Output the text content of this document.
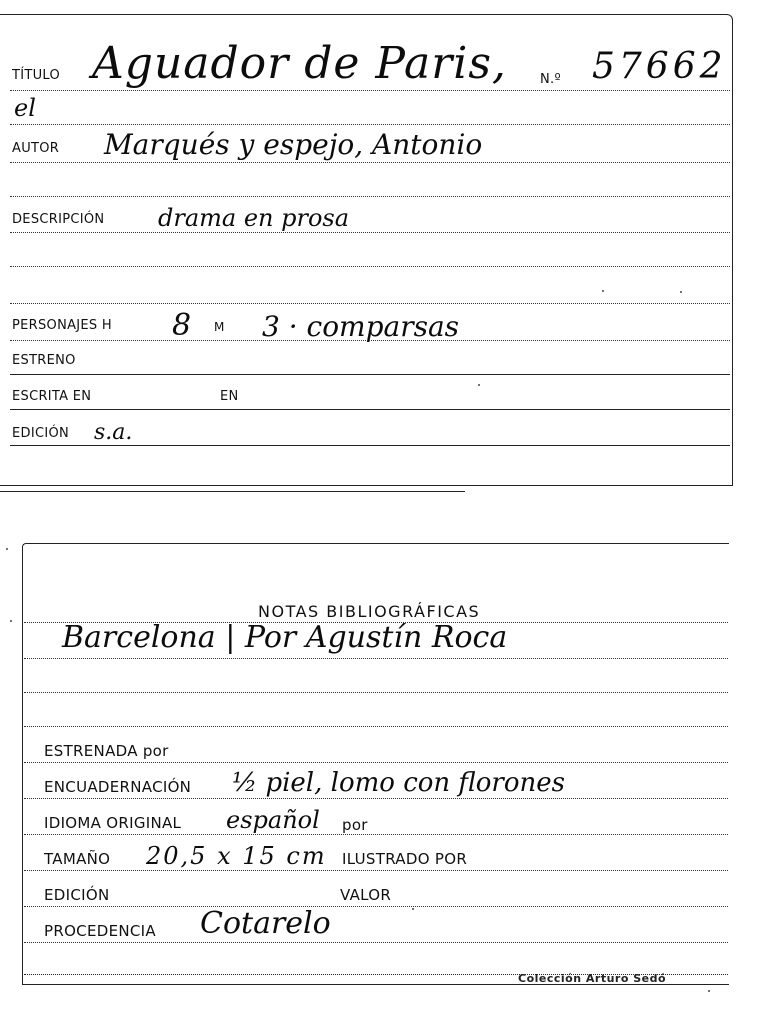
TÍTULO Aguador de Paris,	N.º 57662
el
AUTOR Marqués y espejo, Antonio
DESCRIPCIÓN drama en prosa
PERSONAJES H 8 M 3 · comparsas
ESTRENO
ESCRITA EN	EN
EDICIÓN s.a.
NOTAS BIBLIOGRÁFICAS
Barcelona | Por Agustín Roca
ESTRENADA por
ENCUADERNACIÓN ½ piel, lomo con florones
IDIOMA ORIGINAL español por
TAMAÑO 20,5 x 15 cm ILUSTRADO POR
EDICIÓN	VALOR
PROCEDENCIA Cotarelo
Colección Arturo Sedó
